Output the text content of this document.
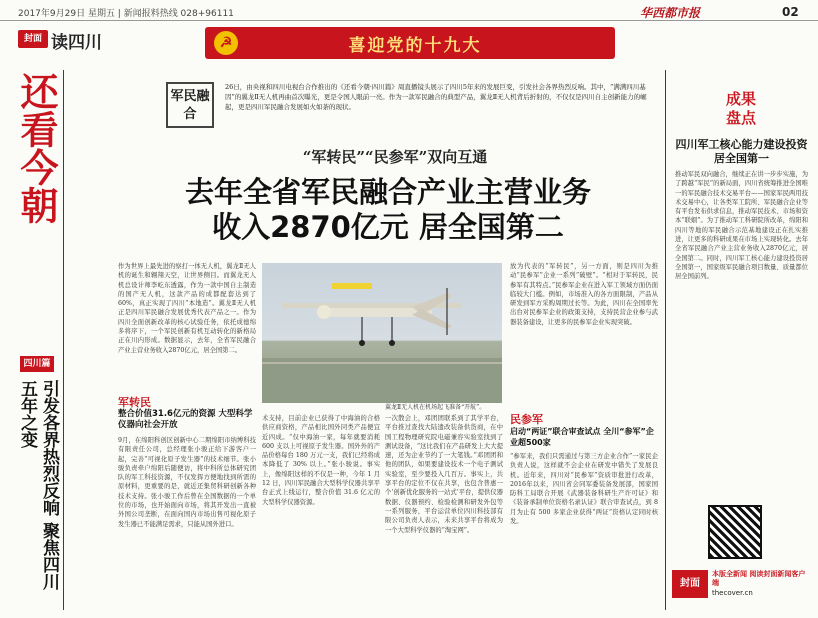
2017年9月29日 星期五 | 新闻报料热线 028+96111	华西都市报	02
封面 读四川	☭	喜迎党的十九大
还看今朝
四川篇
引发各界热烈反响 聚焦四川五年之变
军民融合
26日，由央视和四川电视台合作推出的《还看今朝·四川篇》周直播镜头展示了四川5年来的发展巨变，引发社会各界热烈反响。其中，“满满四川基因”的翼龙Ⅱ无人机再曲首次曝光，更是令国人眼前一亮。作为一款军民融合的典型产品，翼龙Ⅱ无人机背后折射的，不仅仅是四川自主创新能力的崛起，更是四川军民融合发展如火如荼的现状。
“军转民”“民参军”双向互通
去年全省军民融合产业主营业务
收入2870亿元 居全国第二
作为世界上最先进的察打一体无人机，翼龙Ⅱ无人机的诞生和翱翔天空，让世界侧目。而翼龙无人机总设计师李屹东透露，作为一款中国自主制造的国产无人机，这款产品的成都配套达到了60%，真正实现了四川“本地造”。翼龙Ⅱ无人机正是四川军民融合发展优秀代表产品之一。作为四川全面创新改革的核心试验任务，依托成德绵多将序下，一个军民创新有机互动转化的新格局正在川内形成。数据显示，去年，全省军民融合产业主营业务收入2870亿元，居全国第二。
军转民
整合价值31.6亿元的资源 大型科学仪器向社会开放
9月，在绵阳科创区创新中心二期绵阳市纳博科技有限责任公司，总经理张小骏正给下游客户一起，完善“可视化原子发生器”的技术细节。张小骏负责牵户绵阳后随便访，将中科所总体研究团队的军工科技资源，不仅发挥方便地找到所需的原材料，更重要的是，就近还集贸科研创新各种技术支持。张小骏工作后曾在全国数据的一个单位的市场，也开始面向市场，将其开发出一直被外国公司垄断，在面向国内市场出售可视化原子发生器已不能满足需求，只能从国外进口。
翼龙Ⅱ无人机在机场起飞准备“开航”。
术支持，目前企业已获得了中海油的合格供应商资格，产品相比国外同类产品便宜近四成。“仅中海油一家，每年就要消耗 600 支以上可视原子发生器。国外外的产品价格每台 180 万元一支，我们已经将成本降低了 30% 以上。”张小骏说。事实上，像绵阳这样的不仅是一种，今年 1 月 12 日，四川军民融合大型科学仪器共享平台正式上线运行，整合价值 31.6 亿元的大型科学仪器资源。
一次散会上，邓团团联系到了其学平台，平台推过查找大陆遗改装备供货商，在中国工程物理研究院电磁兼容实验室找到了测试设备，“这比我们在产品研发上大大提速，还为企业节约了一大笔钱。”邓团团和他的团队，如果要建设技术一个电子测试实验室，至少要投入几百万。事实上，共享平台的定位不仅在共享，也包含普惠一个‘创新优化服务的一站式’平台，提供仪器数据、仪器预约、检验检测和研发外包等一系列服务，平台运营单位四川科技部有限公司负责人表示，未来共享平台将成为一个大型科学仪器的“淘宝网”。
放为代表的“军转民”，另一方面，则是四川为推动“民参军”企业一系列“破壁”。“相对于军转民，民参军有其特点。”民参军企业在进入军工领域方面仍面临较大门槛。例如，市场准入的各方面限制，产品从研发到军方采购周期过长等。为此，四川在全国率先出台对民参军企业的政策支持，支持民营企业参与武器装备建设，让更多的民参军企业实现突破。
民参军
启动“两证”联合审查试点 全川“参军”企业超500家
“参军来，我们只需通过与第三方企业合作”一家民企负责人说，这样就不会企业在研发中错失了发展良机。近年来，四川对“民参军”资质审批进行改革，2016年以来，四川省会同军委装备发展部，国家国防科工局联合开展《武器装备科研生产许可证》和《装备承制单位资格名录认证》联合审查试点，到 8 月为止有 500 多家企业获得“两证”资格认定同时核发。
成果盘点
四川军工核心能力建设投资居全国第一
推动军民双向融合，继续正在讲一步步实施，为了跨越“军民”的新局面，四川省统筹推进全国唯一的军民融合技术交易平台——国家军民两用技术交易中心，让各类军工院所、军民融合企业等有平台发布供求信息，推动军民技术、市场和资本“联姻”。为了推动军工科研院所改革，绵阳和四川等地的军民融合示范基地建设正在扎实推进，让更多的科研成果在市场上实现转化。去年全省军民融合产业主营业务收入2870亿元，居全国第二。同时，四川军工核心能力建设投资居全国第一，国家级军民融合项目数量、质量都位居全国前列。
封面
本版全新闻 阅读封面新闻客户端
thecover.cn
